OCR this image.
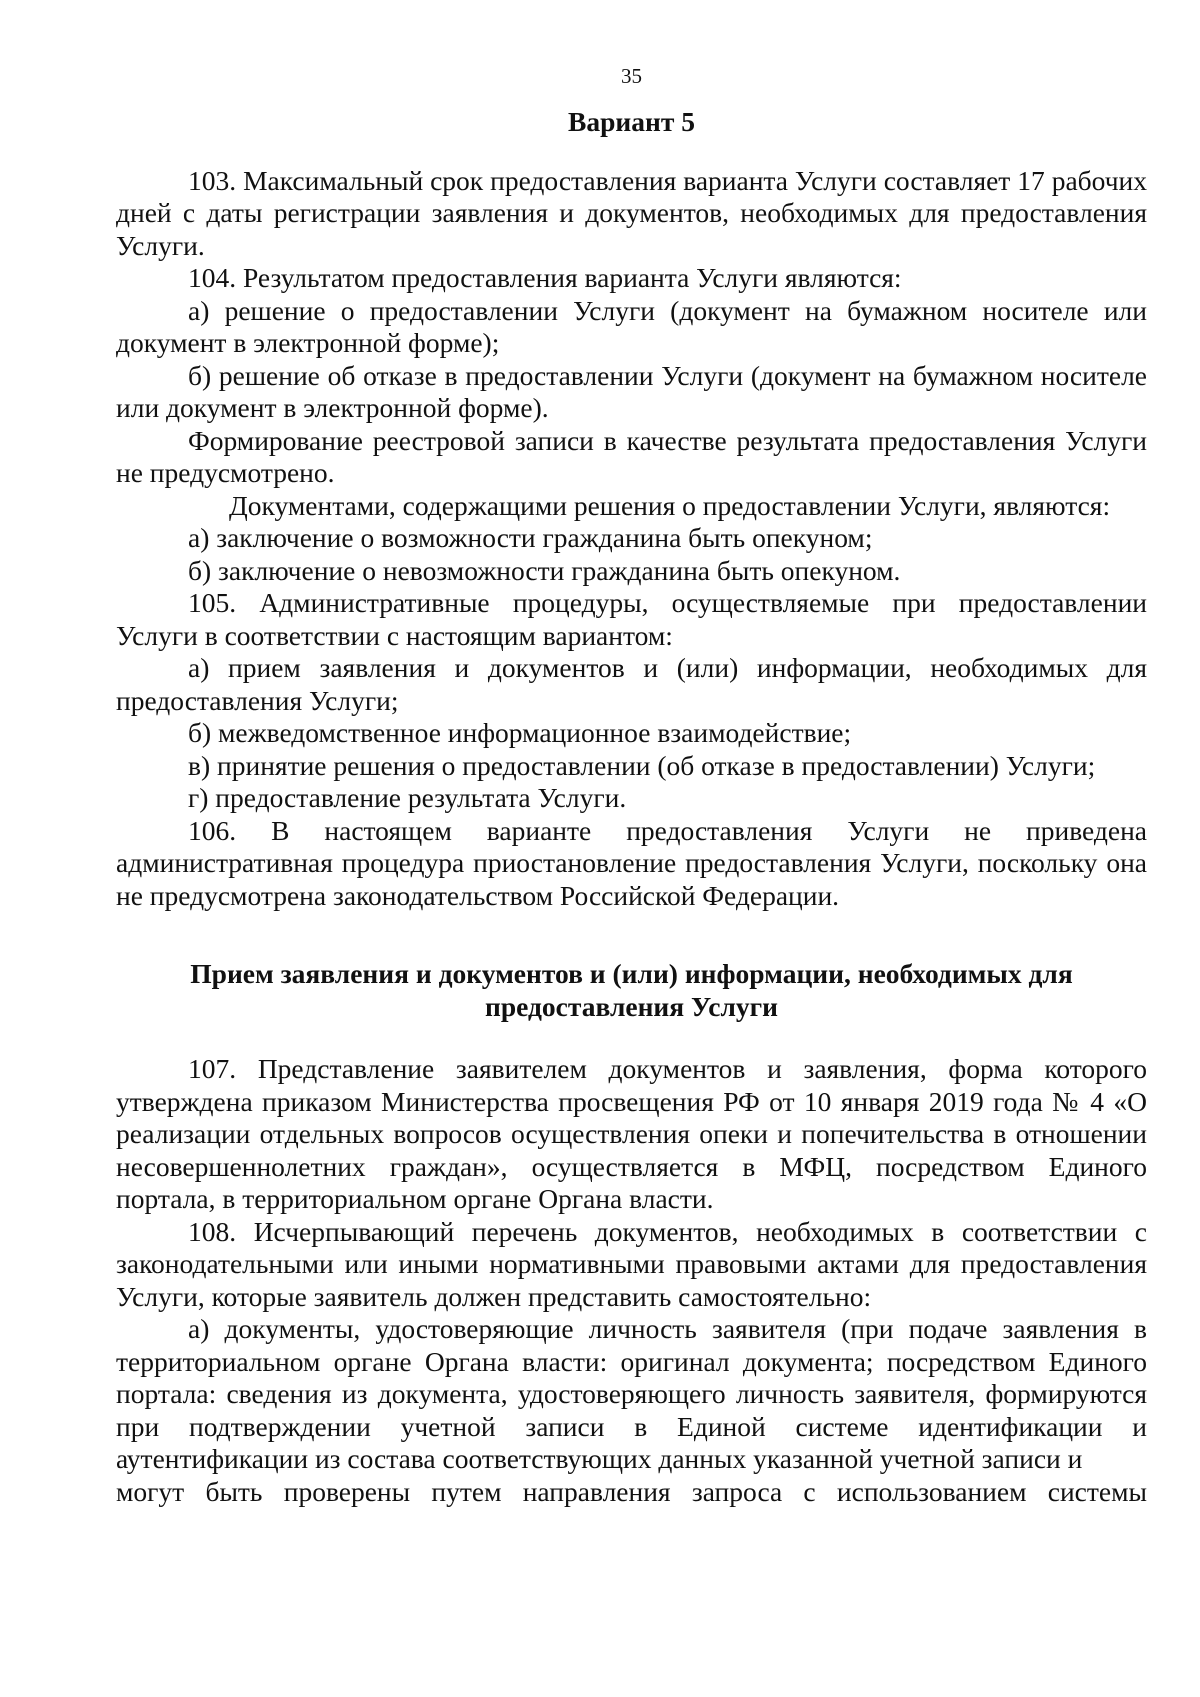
35
Вариант 5

103. Максимальный срок предоставления варианта Услуги составляет 17 рабочих дней с даты регистрации заявления и документов, необходимых для предоставления Услуги.

104. Результатом предоставления варианта Услуги являются:

а) решение о предоставлении Услуги (документ на бумажном носителе или документ в электронной форме);

б) решение об отказе в предоставлении Услуги (документ на бумажном носителе или документ в электронной форме).

Формирование реестровой записи в качестве результата предоставления Услуги не предусмотрено.

Документами, содержащими решения о предоставлении Услуги, являются:

а) заключение о возможности гражданина быть опекуном;

б) заключение о невозможности гражданина быть опекуном.

105. Административные процедуры, осуществляемые при предоставлении Услуги в соответствии с настоящим вариантом:

а) прием заявления и документов и (или) информации, необходимых для предоставления Услуги;

б) межведомственное информационное взаимодействие;

в) принятие решения о предоставлении (об отказе в предоставлении) Услуги;

г) предоставление результата Услуги.

106. В настоящем варианте предоставления Услуги не приведена административная процедура приостановление предоставления Услуги, поскольку она не предусмотрена законодательством Российской Федерации.

Прием заявления и документов и (или) информации, необходимых для
предоставления Услуги

107. Представление заявителем документов и заявления, форма которого утверждена приказом Министерства просвещения РФ от 10 января 2019 года № 4 «О реализации отдельных вопросов осуществления опеки и попечительства в отношении несовершеннолетних граждан», осуществляется в МФЦ, посредством Единого портала, в территориальном органе Органа власти.

108. Исчерпывающий перечень документов, необходимых в соответствии с законодательными или иными нормативными правовыми актами для предоставления Услуги, которые заявитель должен представить самостоятельно:

а) документы, удостоверяющие личность заявителя (при подаче заявления в территориальном органе Органа власти: оригинал документа; посредством Единого портала: сведения из документа, удостоверяющего личность заявителя, формируются при подтверждении учетной записи в Единой системе идентификации и аутентификации из состава соответствующих данных указанной учетной записи и

могут быть проверены путем направления запроса с использованием системы
